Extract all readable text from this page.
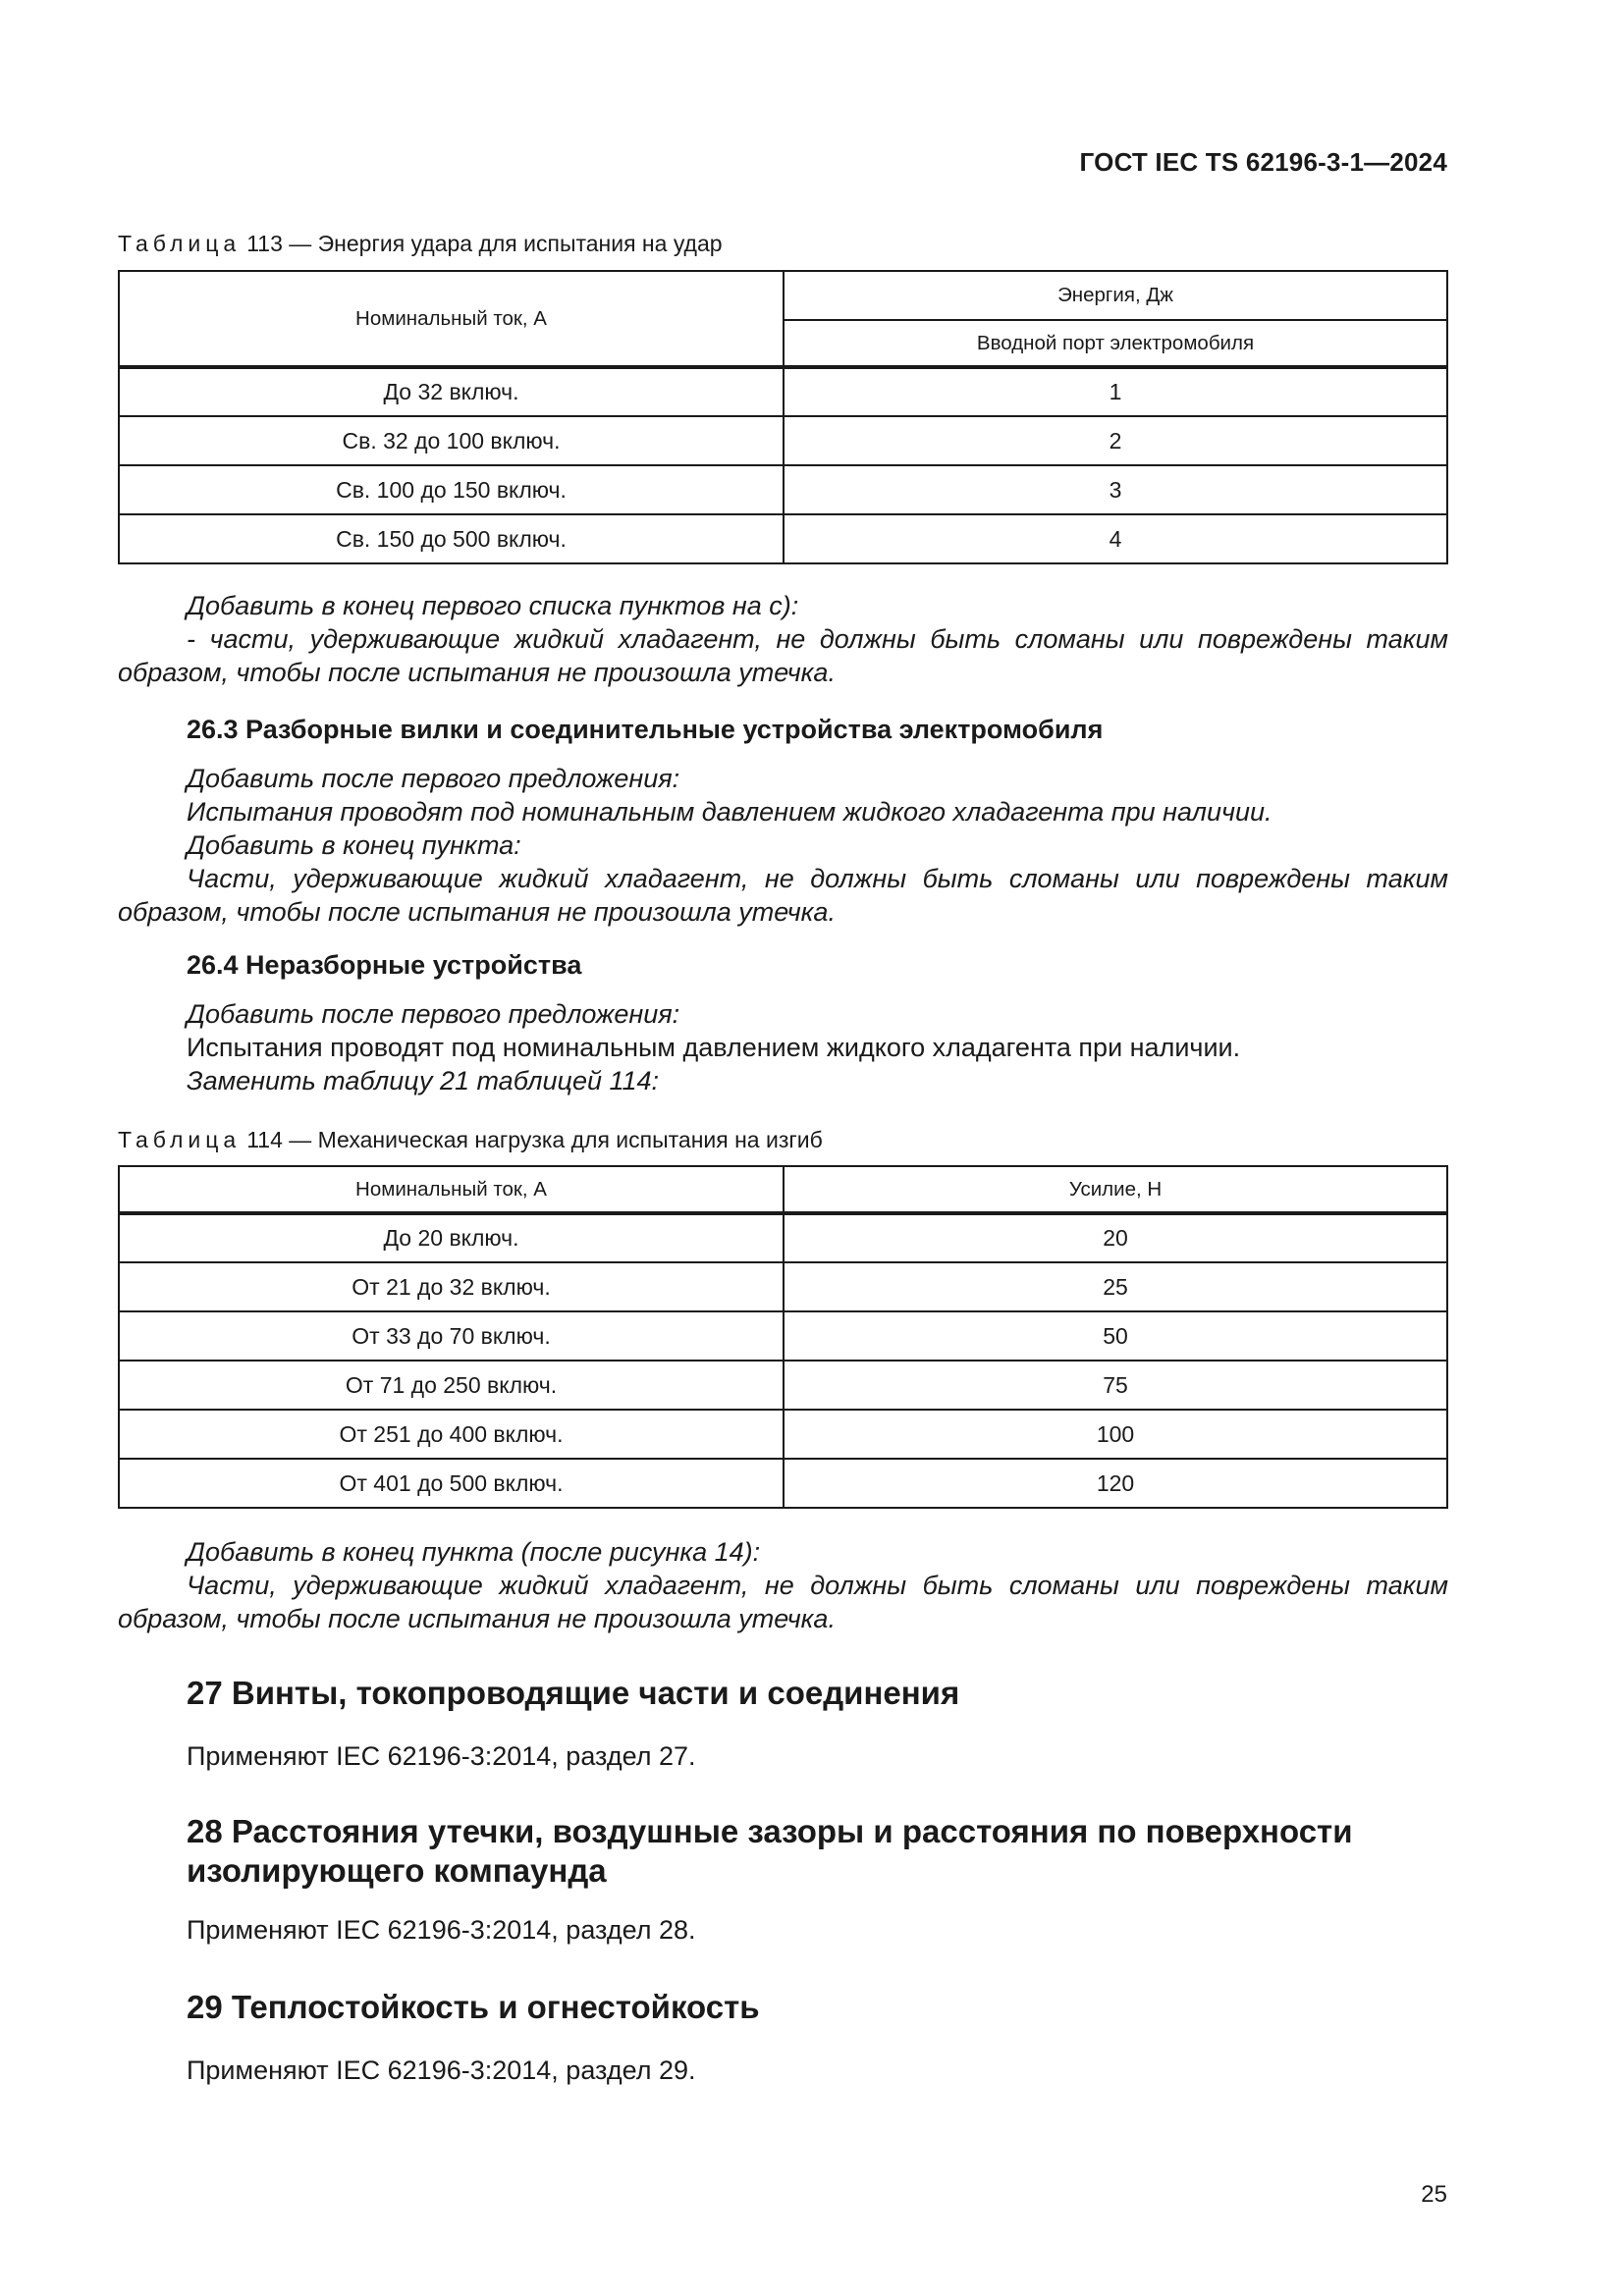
ГОСТ IEC TS 62196-3-1—2024
Таблица 113 — Энергия удара для испытания на удар
Номинальный ток, А	Энергия, Дж
	Вводной порт электромобиля
До 32 включ.	1
Св. 32 до 100 включ.	2
Св. 100 до 150 включ.	3
Св. 150 до 500 включ.	4

Добавить в конец первого списка пунктов на с):

- части, удерживающие жидкий хладагент, не должны быть сломаны или повреждены таким образом, чтобы после испытания не произошла утечка.

26.3 Разборные вилки и соединительные устройства электромобиля

Добавить после первого предложения:

Испытания проводят под номинальным давлением жидкого хладагента при наличии.

Добавить в конец пункта:

Части, удерживающие жидкий хладагент, не должны быть сломаны или повреждены таким образом, чтобы после испытания не произошла утечка.

26.4 Неразборные устройства

Добавить после первого предложения:

Испытания проводят под номинальным давлением жидкого хладагента при наличии.

Заменить таблицу 21 таблицей 114:

Таблица 114 — Механическая нагрузка для испытания на изгиб
Номинальный ток, А	Усилие, Н
До 20 включ.	20
От 21 до 32 включ.	25
От 33 до 70 включ.	50
От 71 до 250 включ.	75
От 251 до 400 включ.	100
От 401 до 500 включ.	120

Добавить в конец пункта (после рисунка 14):

Части, удерживающие жидкий хладагент, не должны быть сломаны или повреждены таким образом, чтобы после испытания не произошла утечка.

27 Винты, токопроводящие части и соединения
Применяют IEC 62196-3:2014, раздел 27.
28 Расстояния утечки, воздушные зазоры и расстояния по поверхности изолирующего компаунда
Применяют IEC 62196-3:2014, раздел 28.
29 Теплостойкость и огнестойкость
Применяют IEC 62196-3:2014, раздел 29.
25
